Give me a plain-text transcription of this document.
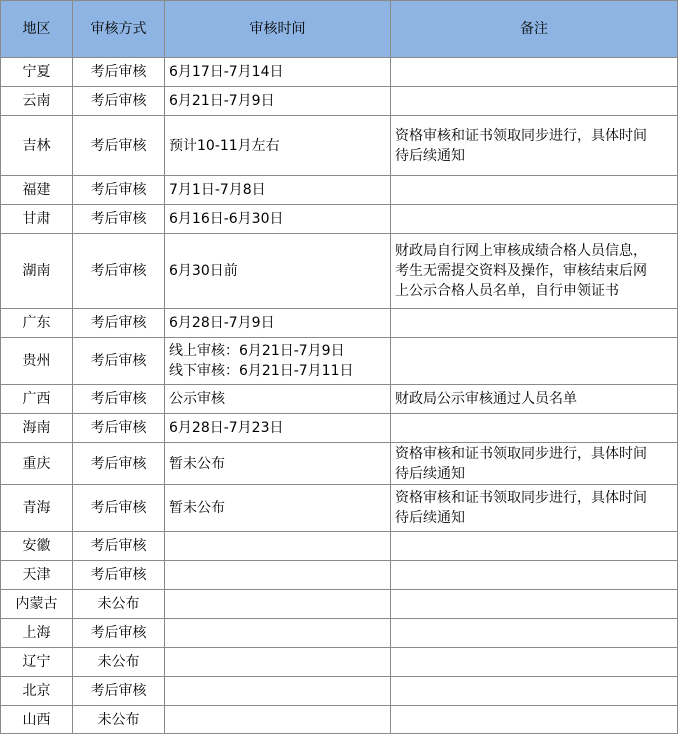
地区	审核方式	审核时间	备注
宁夏	考后审核	6月17日-7月14日	

云南	考后审核	6月21日-7月9日	

吉林	考后审核	预计10-11月左右	资格审核和证书领取同步进行，具体时间
待后续通知

福建	考后审核	7月1日-7月8日	

甘肃	考后审核	6月16日-6月30日	

湖南	考后审核	6月30日前	财政局自行网上审核成绩合格人员信息，
考生无需提交资料及操作，审核结束后网
上公示合格人员名单，自行申领证书

广东	考后审核	6月28日-7月9日	

贵州	考后审核	线上审核：6月21日-7月9日
线下审核：6月21日-7月11日	

广西	考后审核	公示审核	财政局公示审核通过人员名单

海南	考后审核	6月28日-7月23日	

重庆	考后审核	暂未公布	资格审核和证书领取同步进行，具体时间
待后续通知

青海	考后审核	暂未公布	资格审核和证书领取同步进行，具体时间
待后续通知

安徽	考后审核		
天津	考后审核		
内蒙古	未公布		
上海	考后审核		
辽宁	未公布		
北京	考后审核		
山西	未公布		
